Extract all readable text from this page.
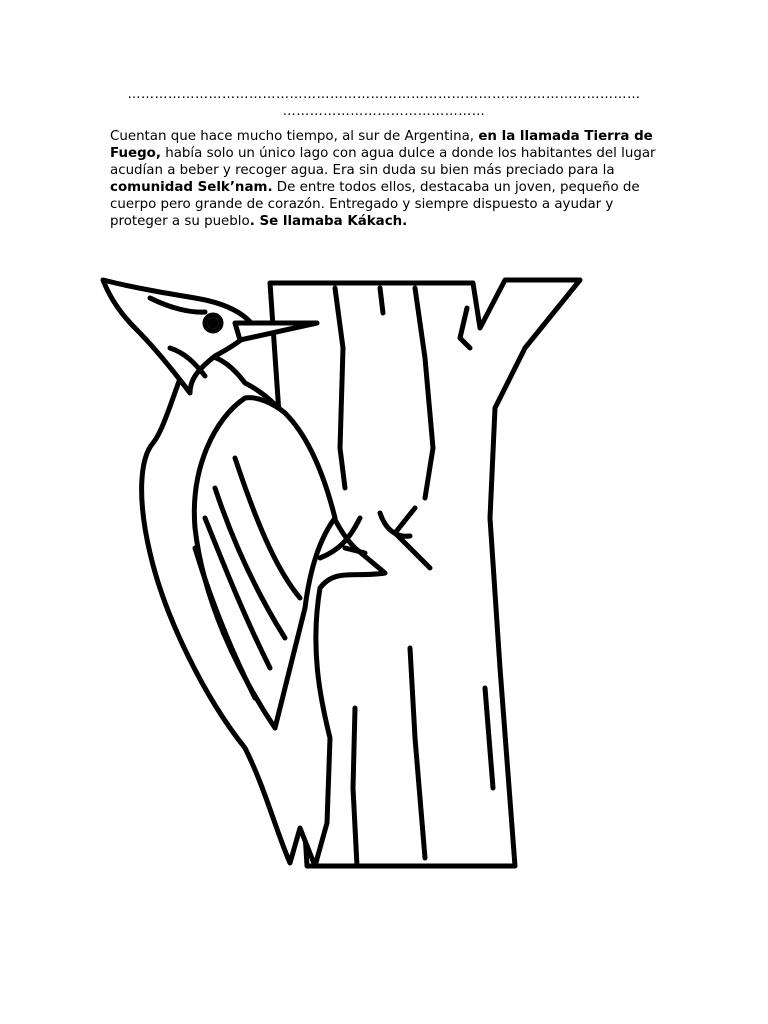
……………………………………………………………………………………………………
………………………………………

Cuentan que hace mucho tiempo, al sur de Argentina, en la llamada Tierra de Fuego, había solo un único lago con agua dulce a donde los habitantes del lugar acudían a beber y recoger agua. Era sin duda su bien más preciado para la comunidad Selk’nam. De entre todos ellos, destacaba un joven, pequeño de cuerpo pero grande de corazón. Entregado y siempre dispuesto a ayudar y proteger a su pueblo. Se llamaba Kákach.
